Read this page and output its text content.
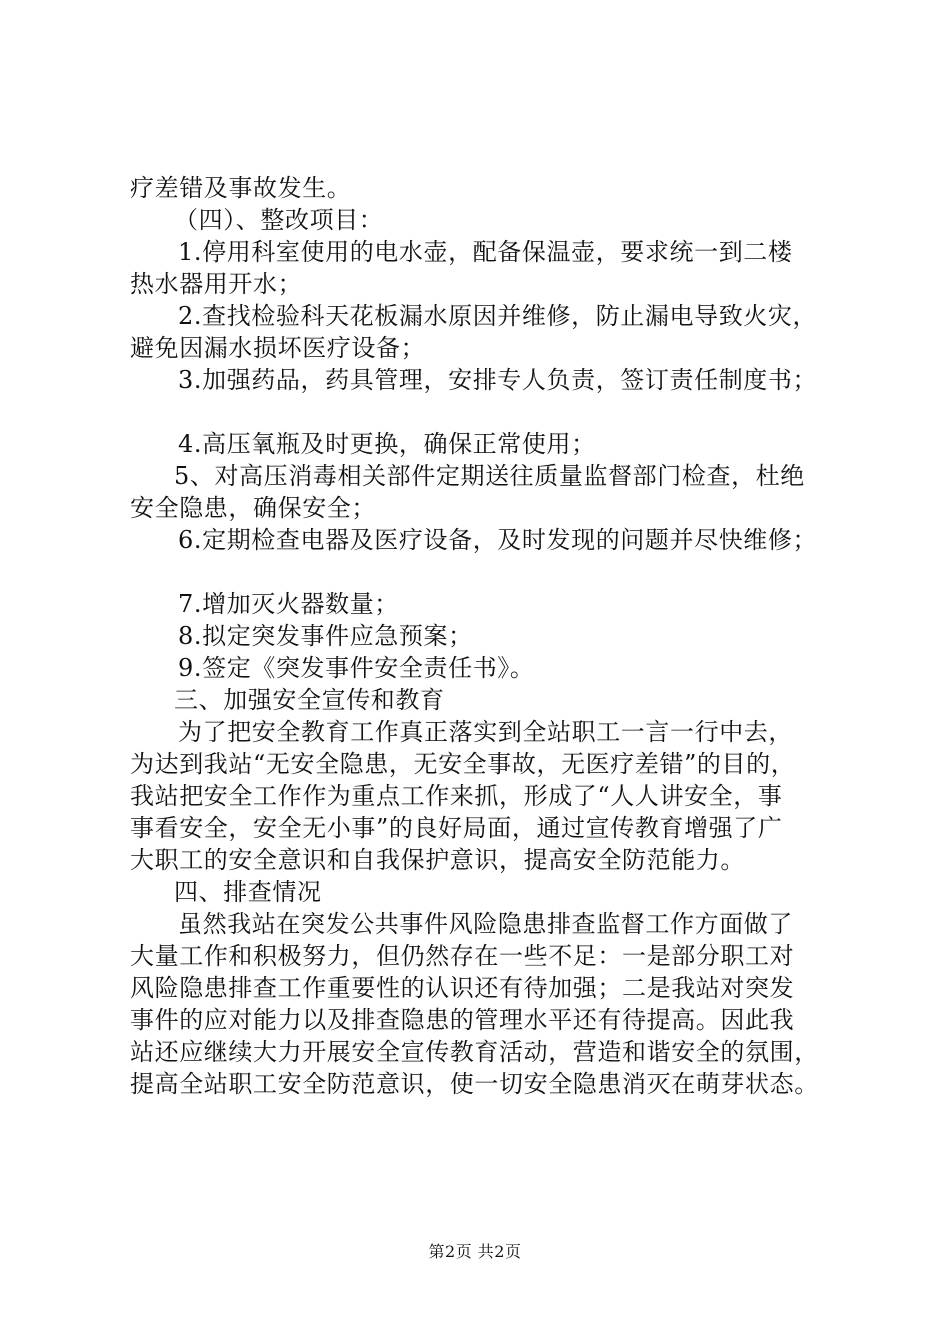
疗差错及事故发生。
（四）、整改项目：
1.停用科室使用的电水壶，配备保温壶，要求统一到二楼
热水器用开水；
2.查找检验科天花板漏水原因并维修，防止漏电导致火灾，
避免因漏水损坏医疗设备；
3.加强药品，药具管理，安排专人负责，签订责任制度书；
4.高压氧瓶及时更换，确保正常使用；
5、对高压消毒相关部件定期送往质量监督部门检查，杜绝
安全隐患，确保安全；
6.定期检查电器及医疗设备，及时发现的问题并尽快维修；
7.增加灭火器数量；
8.拟定突发事件应急预案；
9.签定《突发事件安全责任书》。
三、加强安全宣传和教育
为了把安全教育工作真正落实到全站职工一言一行中去，
为达到我站“无安全隐患，无安全事故，无医疗差错”的目的，
我站把安全工作作为重点工作来抓，形成了“人人讲安全，事
事看安全，安全无小事”的良好局面，通过宣传教育增强了广
大职工的安全意识和自我保护意识，提高安全防范能力。
四、排查情况
虽然我站在突发公共事件风险隐患排查监督工作方面做了
大量工作和积极努力，但仍然存在一些不足：一是部分职工对
风险隐患排查工作重要性的认识还有待加强；二是我站对突发
事件的应对能力以及排查隐患的管理水平还有待提高。因此我
站还应继续大力开展安全宣传教育活动，营造和谐安全的氛围，
提高全站职工安全防范意识，使一切安全隐患消灭在萌芽状态。
第2页 共2页
